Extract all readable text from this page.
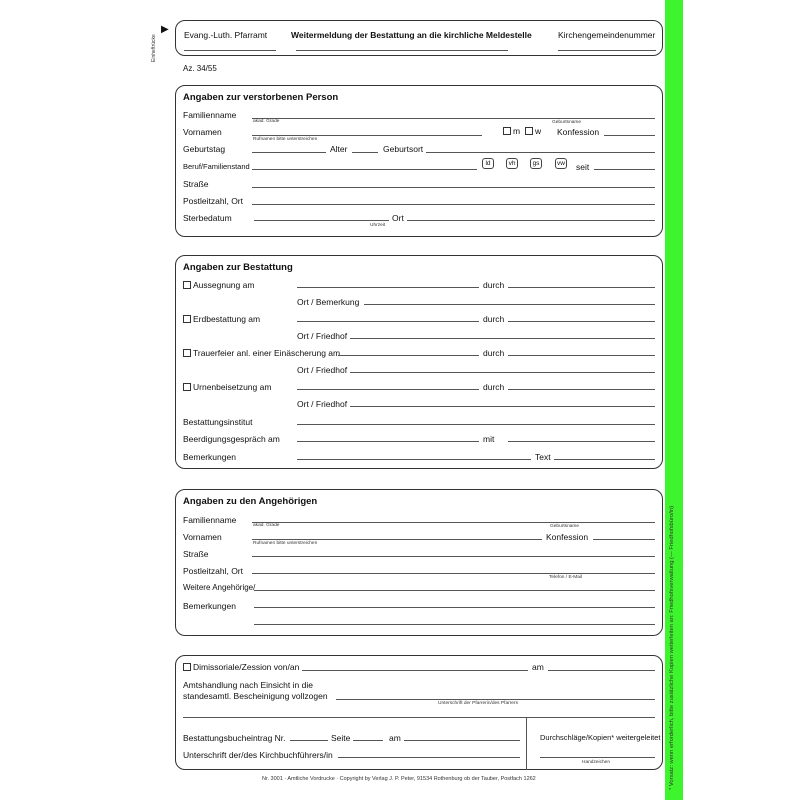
* Vorsatz: wenn erforderlich, bitte zusätzliche Kopien weiterleiten an: Friedhofsverwaltung (— Friedhofsbüro/in)
Einheftrücke
▶ Evang.-Luth. Pfarramt	Weitermeldung der Bestattung an die kirchliche Meldestelle	Kirchengemeindenummer
Az. 34/55
Angaben zur verstorbenen Person
Familienname
akad. Grade	Geburtsname
Vornamen	m	w Konfession
Rufnamen bitte unterstreichen
Geburtstag	Alter	Geburtsort
Beruf/Familienstand	ld	vh	gs	vw seit
Straße
Postleitzahl, Ort
Sterbedatum	Ort
Uhrzeit
Angaben zur Bestattung
Aussegnung am	durch
Ort / Bemerkung
Erdbestattung am	durch
Ort / Friedhof
Trauerfeier anl. einer Einäscherung am	durch
Ort / Friedhof
Urnenbeisetzung am	durch
Ort / Friedhof
Bestattungsinstitut
Beerdigungsgespräch am	mit
Bemerkungen	Text
Angaben zu den Angehörigen
Familienname
akad. Grade	Geburtsname
Vornamen	Konfession
Rufnamen bitte unterstreichen
Straße
Postleitzahl, Ort
Telefon / E-Mail
Weitere Angehörige/
Bemerkungen
Dimissoriale/Zession von/an	am
Amtshandlung nach Einsicht in die
standesamtl. Bescheinigung vollzogen
Unterschrift der Pfarrerin/des Pfarrers
Bestattungsbucheintrag Nr.	Seite	am	Durchschläge/Kopien* weitergeleitet
Unterschrift der/des Kirchbuchführers/in
Handzeichen
Nr. 3001 · Amtliche Vordrucke · Copyright by Verlag J. P. Peter, 91534 Rothenburg ob der Tauber, Postfach 1262
